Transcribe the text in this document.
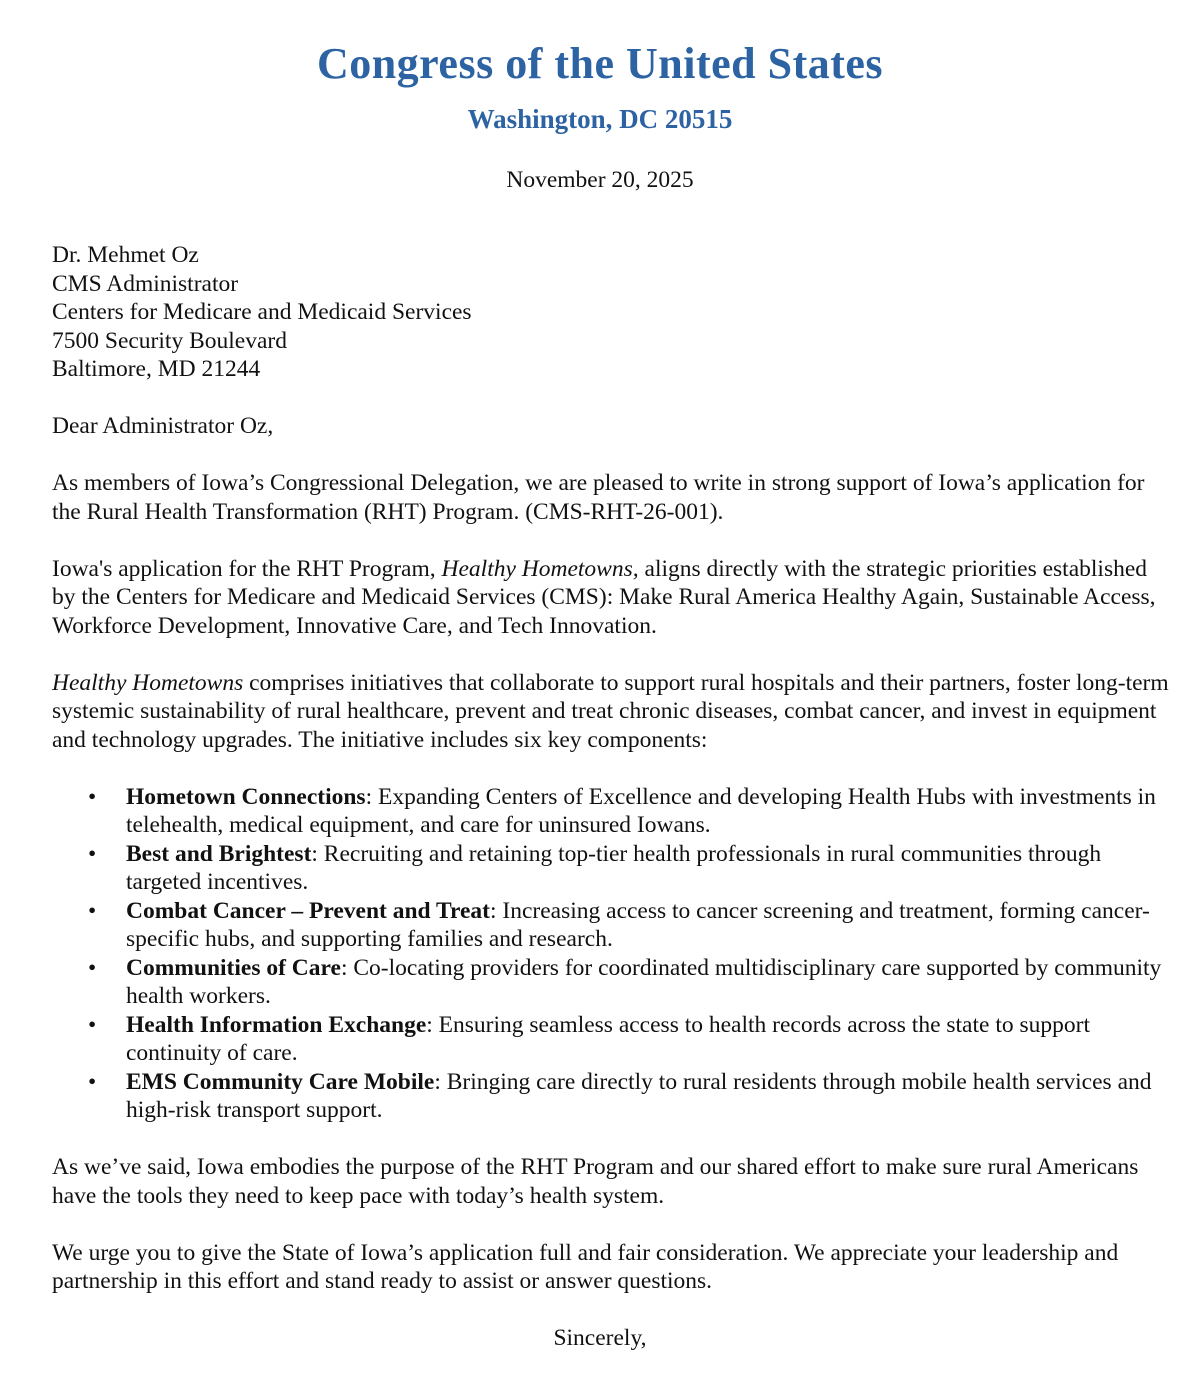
Congress of the United States
Washington, DC 20515
November 20, 2025

Dr. Mehmet Oz
CMS Administrator
Centers for Medicare and Medicaid Services
7500 Security Boulevard
Baltimore, MD 21244

Dear Administrator Oz,

As members of Iowa’s Congressional Delegation, we are pleased to write in strong support of Iowa’s application for the Rural Health Transformation (RHT) Program. (CMS-RHT-26-001).

Iowa's application for the RHT Program, Healthy Hometowns, aligns directly with the strategic priorities established by the Centers for Medicare and Medicaid Services (CMS): Make Rural America Healthy Again, Sustainable Access, Workforce Development, Innovative Care, and Tech Innovation.

Healthy Hometowns comprises initiatives that collaborate to support rural hospitals and their partners, foster long-term systemic sustainability of rural healthcare, prevent and treat chronic diseases, combat cancer, and invest in equipment and technology upgrades. The initiative includes six key components:

• Hometown Connections: Expanding Centers of Excellence and developing Health Hubs with investments in telehealth, medical equipment, and care for uninsured Iowans.
• Best and Brightest: Recruiting and retaining top-tier health professionals in rural communities through targeted incentives.
• Combat Cancer – Prevent and Treat: Increasing access to cancer screening and treatment, forming cancer-specific hubs, and supporting families and research.
• Communities of Care: Co-locating providers for coordinated multidisciplinary care supported by community health workers.
• Health Information Exchange: Ensuring seamless access to health records across the state to support continuity of care.
• EMS Community Care Mobile: Bringing care directly to rural residents through mobile health services and high-risk transport support.

As we’ve said, Iowa embodies the purpose of the RHT Program and our shared effort to make sure rural Americans have the tools they need to keep pace with today’s health system.

We urge you to give the State of Iowa’s application full and fair consideration. We appreciate your leadership and partnership in this effort and stand ready to assist or answer questions.

Sincerely,
